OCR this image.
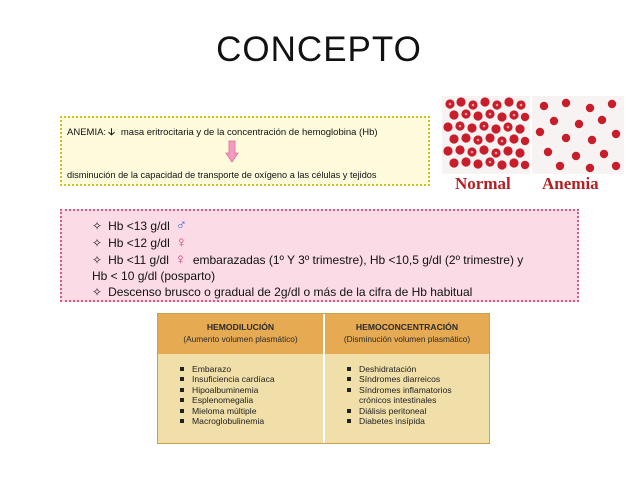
CONCEPTO
ANEMIA: 🡣 masa eritrocitaria y de la concentración de hemoglobina (Hb)
disminución de la capacidad de transporte de oxígeno a las células y tejidos	Normal Anemia
✧ Hb <13 g/dl ♂
✧ Hb <12 g/dl ♀
✧ Hb <11 g/dl ♀ embarazadas (1º Y 3º trimestre), Hb <10,5 g/dl (2º trimestre) y
Hb < 10 g/dl (posparto)
✧ Descenso brusco o gradual de 2g/dl o más de la cifra de Hb habitual
HEMODILUCIÓN
(Aumento volumen plasmático)
HEMOCONCENTRACIÓN
(Disminución volumen plasmático)
Embarazo
Insuficiencia cardíaca
Hipoalbuminemia
Esplenomegalia
Mieloma múltiple
Macroglobulinemia
Deshidratación
Síndromes diarreicos
Síndromes inflamatorios
crónicos intestinales
Diálisis peritoneal
Diabetes insípida
